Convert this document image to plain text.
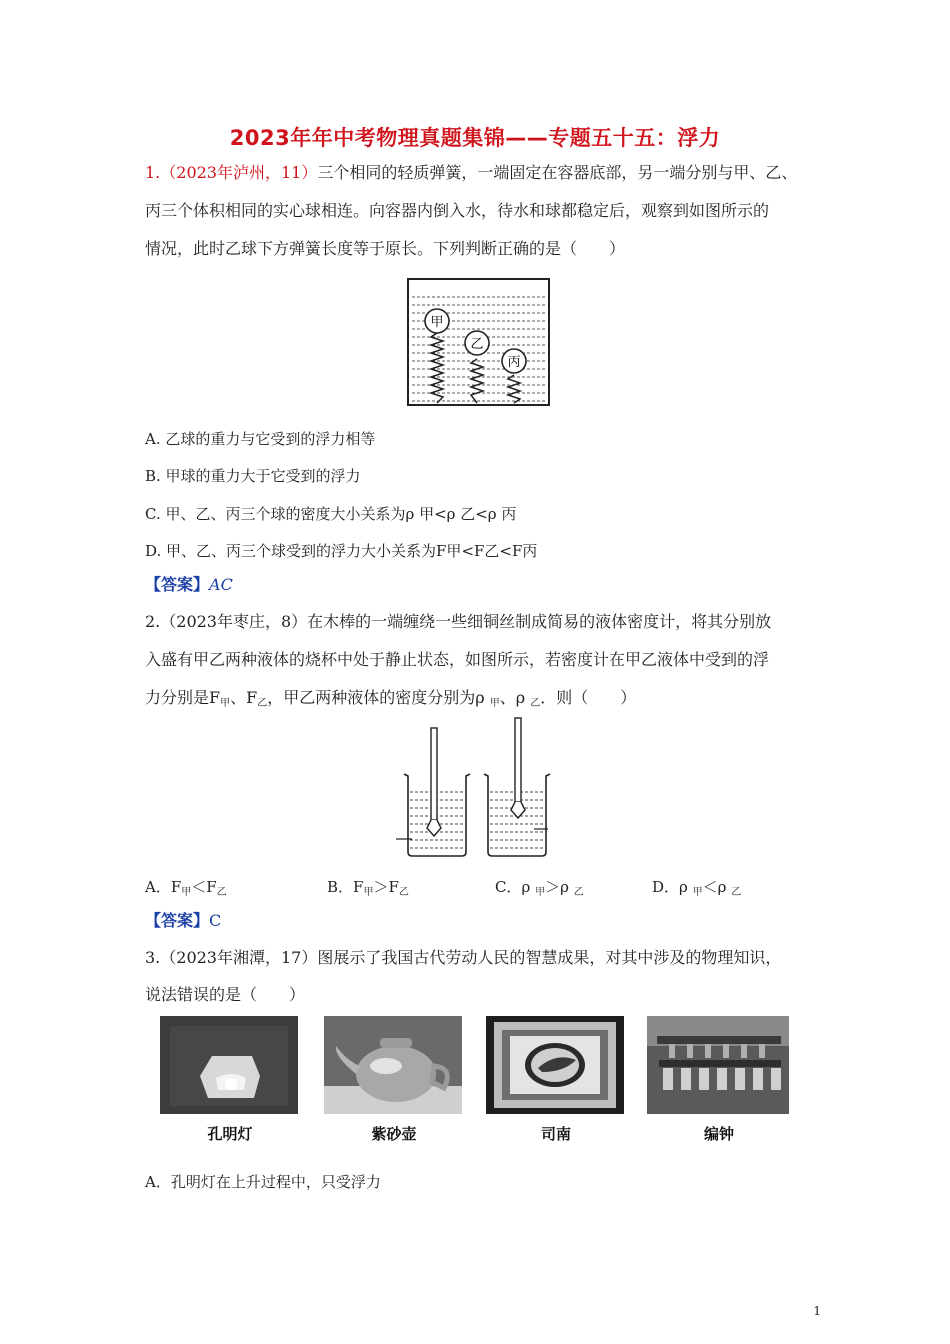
2023年年中考物理真题集锦——专题五十五：浮力
1.（2023年泸州，11）三个相同的轻质弹簧，一端固定在容器底部，另一端分别与甲、乙、
丙三个体积相同的实心球相连。向容器内倒入水，待水和球都稳定后，观察到如图所示的
情况，此时乙球下方弹簧长度等于原长。下列判断正确的是（　　）
甲
乙
丙
A. 乙球的重力与它受到的浮力相等
B. 甲球的重力大于它受到的浮力
C. 甲、乙、丙三个球的密度大小关系为ρ 甲<ρ 乙<ρ 丙
D. 甲、乙、丙三个球受到的浮力大小关系为F甲<F乙<F丙
【答案】AC
2.（2023年枣庄，8）在木棒的一端缠绕一些细铜丝制成简易的液体密度计，将其分别放
入盛有甲乙两种液体的烧杯中处于静止状态，如图所示，若密度计在甲乙液体中受到的浮
力分别是$F_甲$、$F_乙$，甲乙两种液体的密度分别为ρ $_甲$、ρ $_乙$．则（　　）
A．$F_甲<F_乙$	B．$F_甲>F_乙$	C．ρ $_甲$＞ρ $_乙$	D．ρ $_甲$＜ρ $_乙$
【答案】C
3.（2023年湘潭，17）图展示了我国古代劳动人民的智慧成果，对其中涉及的物理知识，
说法错误的是（　　）
孔明灯	紫砂壶	司南	编钟
A．孔明灯在上升过程中，只受浮力
1
